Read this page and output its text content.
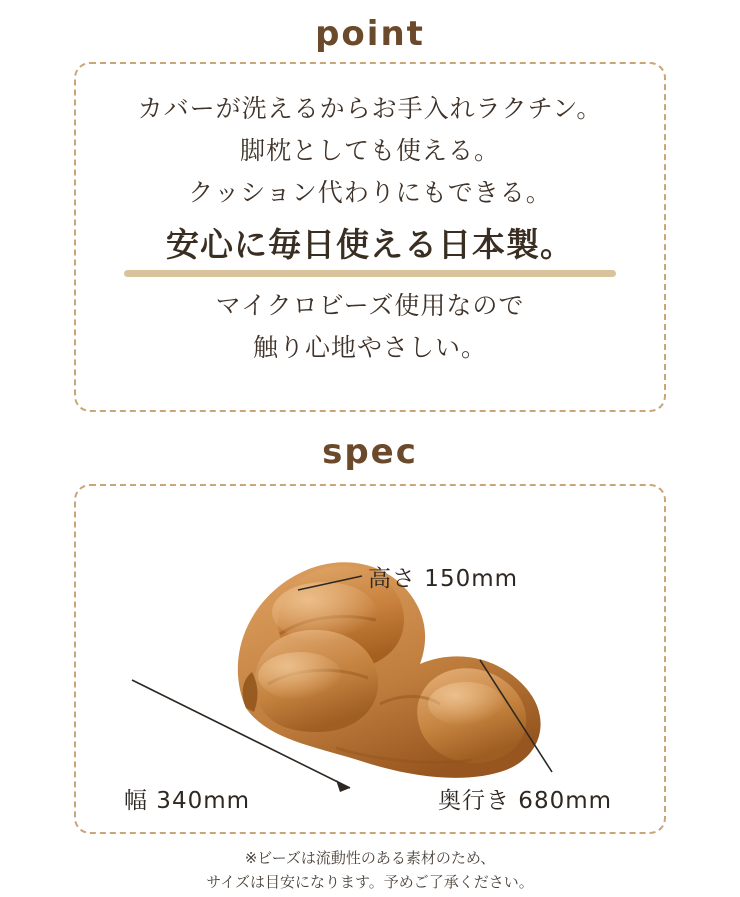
point
カバーが洗えるからお手入れラクチン。
脚枕としても使える。
クッション代わりにもできる。
安心に毎日使える日本製。
マイクロビーズ使用なので
触り心地やさしい。
spec
高さ 150mm
幅 340mm	奥行き 680mm
※ビーズは流動性のある素材のため、
サイズは目安になります。予めご了承ください。
